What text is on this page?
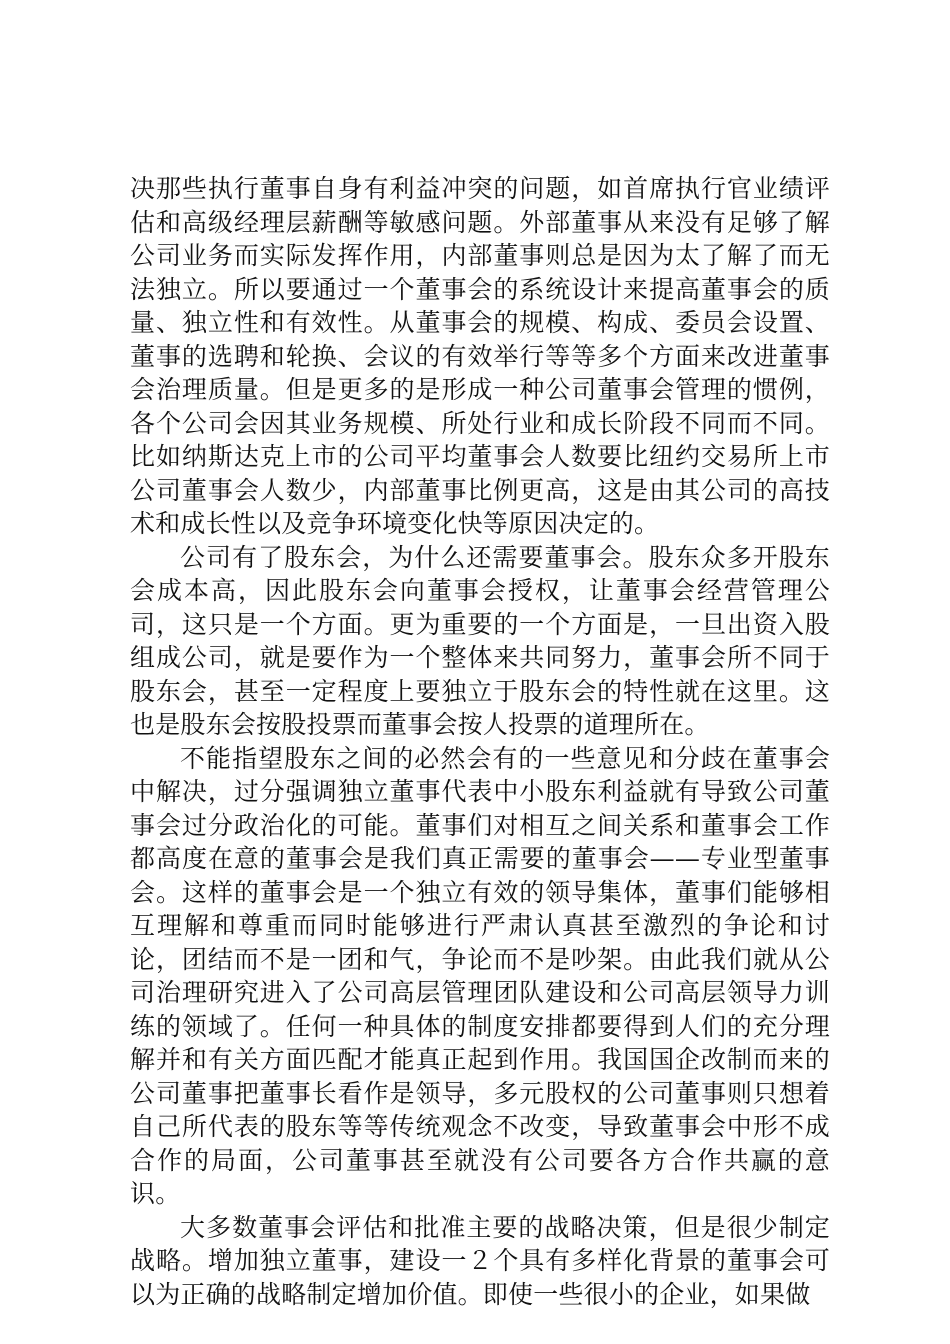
决那些执行董事自身有利益冲突的问题，如首席执行官业绩评估和高级经理层薪酬等敏感问题。外部董事从来没有足够了解公司业务而实际发挥作用，内部董事则总是因为太了解了而无法独立。所以要通过一个董事会的系统设计来提高董事会的质量、独立性和有效性。从董事会的规模、构成、委员会设置、董事的选聘和轮换、会议的有效举行等等多个方面来改进董事会治理质量。但是更多的是形成一种公司董事会管理的惯例，各个公司会因其业务规模、所处行业和成长阶段不同而不同。比如纳斯达克上市的公司平均董事会人数要比纽约交易所上市公司董事会人数少，内部董事比例更高，这是由其公司的高技术和成长性以及竞争环境变化快等原因决定的。

公司有了股东会，为什么还需要董事会。股东众多开股东会成本高，因此股东会向董事会授权，让董事会经营管理公司，这只是一个方面。更为重要的一个方面是，一旦出资入股组成公司，就是要作为一个整体来共同努力，董事会所不同于股东会，甚至一定程度上要独立于股东会的特性就在这里。这也是股东会按股投票而董事会按人投票的道理所在。

不能指望股东之间的必然会有的一些意见和分歧在董事会中解决，过分强调独立董事代表中小股东利益就有导致公司董事会过分政治化的可能。董事们对相互之间关系和董事会工作都高度在意的董事会是我们真正需要的董事会——专业型董事会。这样的董事会是一个独立有效的领导集体，董事们能够相互理解和尊重而同时能够进行严肃认真甚至激烈的争论和讨论，团结而不是一团和气，争论而不是吵架。由此我们就从公司治理研究进入了公司高层管理团队建设和公司高层领导力训练的领域了。任何一种具体的制度安排都要得到人们的充分理解并和有关方面匹配才能真正起到作用。我国国企改制而来的公司董事把董事长看作是领导，多元股权的公司董事则只想着自己所代表的股东等等传统观念不改变，导致董事会中形不成合作的局面，公司董事甚至就没有公司要各方合作共赢的意识。

大多数董事会评估和批准主要的战略决策，但是很少制定战略。增加独立董事，建设一２个具有多样化背景的董事会可以为正确的战略制定增加价值。即使一些很小的企业，如果做
